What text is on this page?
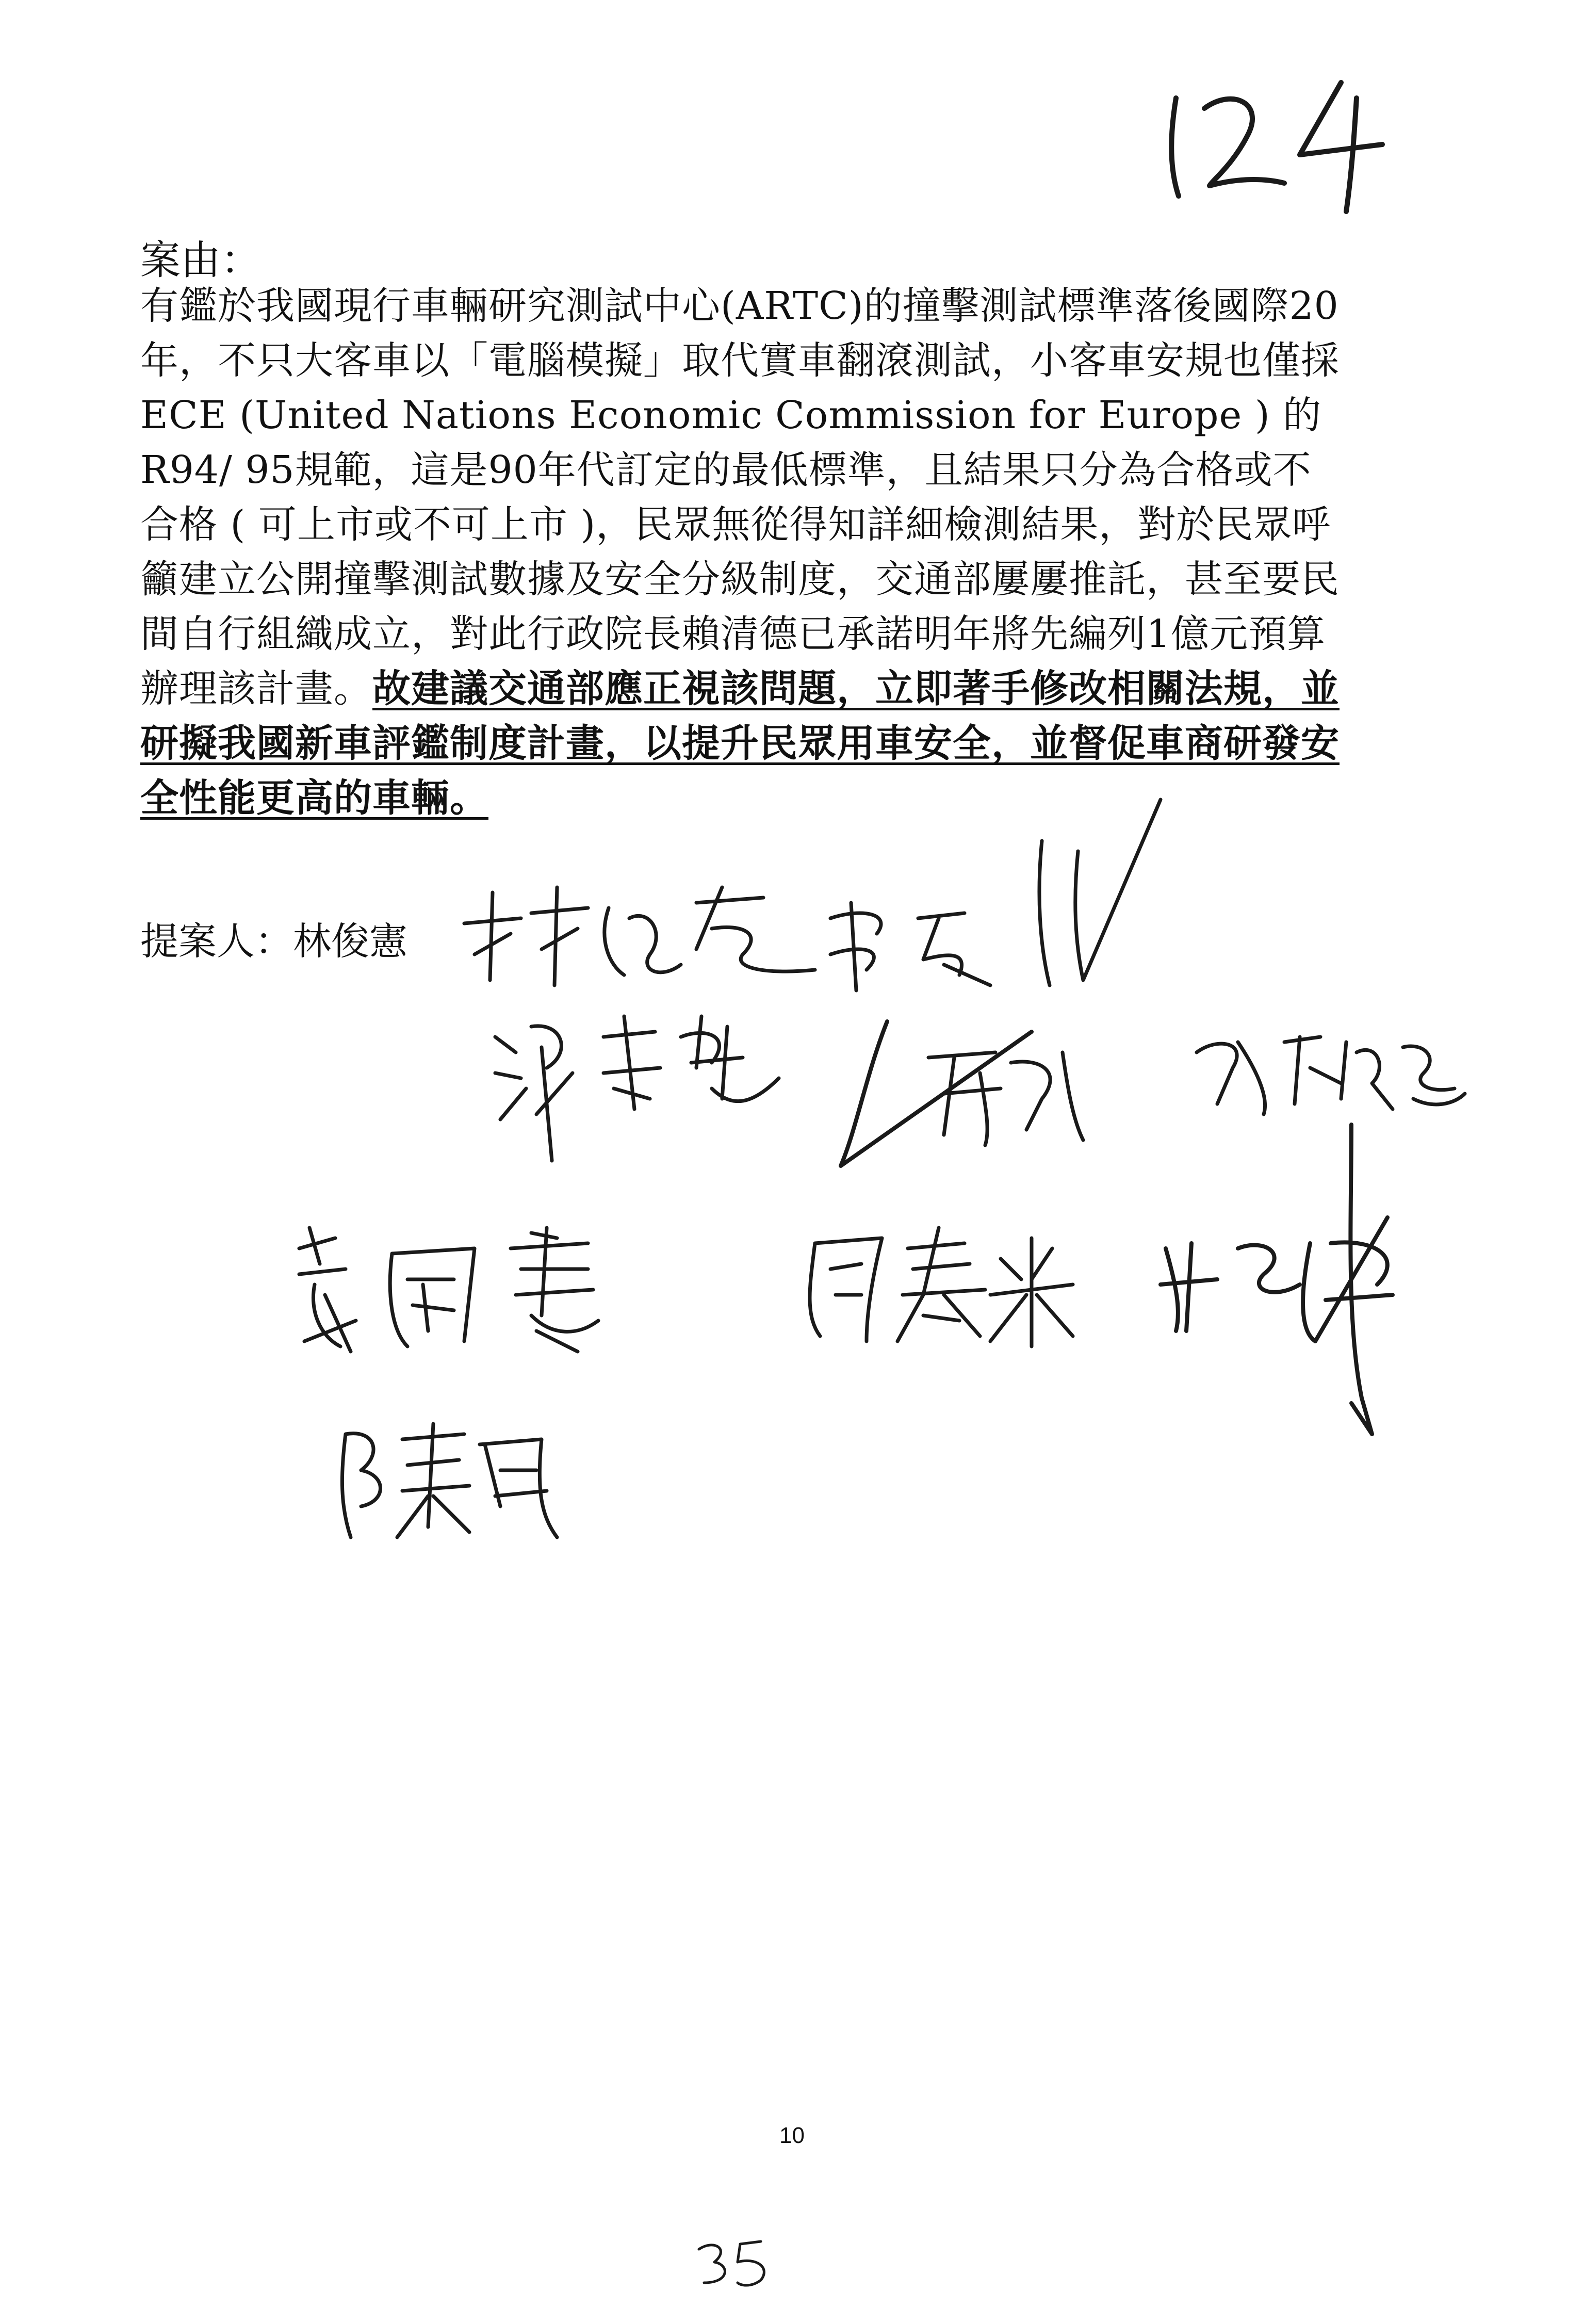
案由：
有鑑於我國現行車輛研究測試中心(ARTC)的撞擊測試標準落後國際20年，不只大客車以「電腦模擬」取代實車翻滾測試，小客車安規也僅採ECE (United Nations Economic Commission for Europe ) 的R94/ 95規範，這是90年代訂定的最低標準，且結果只分為合格或不合格 ( 可上市或不可上市 )，民眾無從得知詳細檢測結果，對於民眾呼籲建立公開撞擊測試數據及安全分級制度，交通部屢屢推託，甚至要民間自行組織成立，對此行政院長賴清德已承諾明年將先編列1億元預算辦理該計畫。故建議交通部應正視該問題，立即著手修改相關法規，並研擬我國新車評鑑制度計畫，以提升民眾用車安全，並督促車商研發安全性能更高的車輛。
提案人：林俊憲
10
